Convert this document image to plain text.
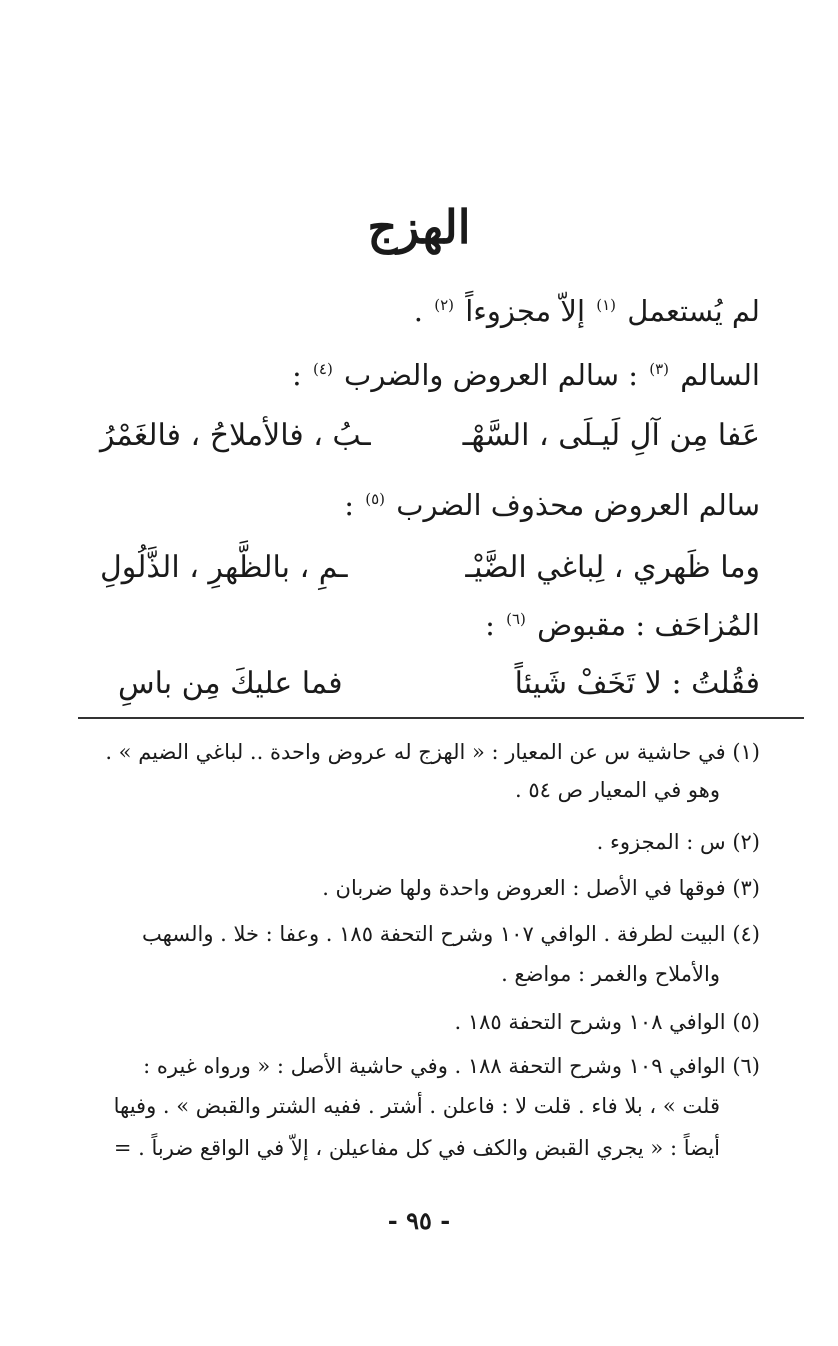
الهزج
لم يُستعمل $^{(١)}$ إلاّ مجزوءاً $^{(٢)}$ .
السالم $^{(٣)}$ : سالم العروض والضرب $^{(٤)}$ :
عَفا مِن آلِ لَيـلَى ، السَّهْـ
ـبُ ، فالأملاحُ ، فالغَمْرُ
سالم العروض محذوف الضرب $^{(٥)}$ :
وما ظَهري ، لِباغي الضَّيْـ
ـمِ ، بالظَّهرِ ، الذَّلُولِ
المُزاحَف : مقبوض $^{(٦)}$ :
فقُلتُ : لا تَخَفْ شَيئاً
فما عليكَ مِن باسِ
(١) في حاشية س عن المعيار : « الهزج له عروض واحدة .. لباغي الضيم » .
وهو في المعيار ص ٥٤ .
(٢) س : المجزوء .
(٣) فوقها في الأصل : العروض واحدة ولها ضربان .
(٤) البيت لطرفة . الوافي ١٠٧ وشرح التحفة ١٨٥ . وعفا : خلا . والسهب
والأملاح والغمر : مواضع .
(٥) الوافي ١٠٨ وشرح التحفة ١٨٥ .
(٦) الوافي ١٠٩ وشرح التحفة ١٨٨ . وفي حاشية الأصل : « ورواه غيره :
قلت » ، بلا فاء . قلت لا : فاعلن . أشتر . ففيه الشتر والقبض » . وفيها
أيضاً : « يجري القبض والكف في كل مفاعيلن ، إلاّ في الواقع ضرباً . =
- ٩٥ -
